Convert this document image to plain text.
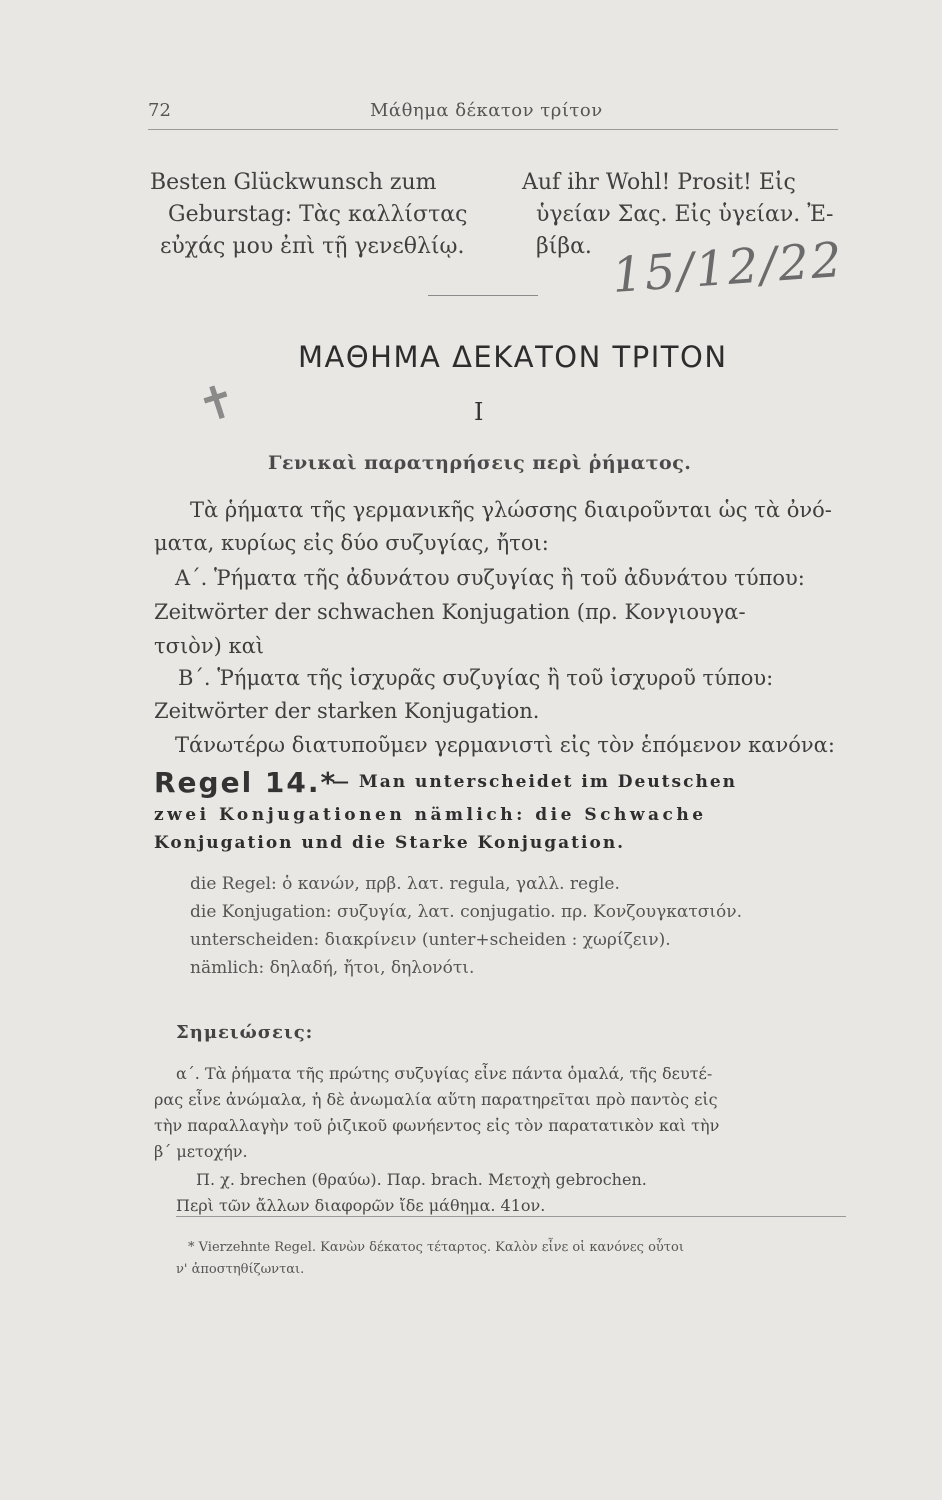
72	Μάθημα δέκατον τρίτον
Besten Glückwunsch zum
Geburstag: Τὰς καλλίστας
εὐχάς μου ἐπὶ τῇ γενεθλίῳ.
Auf ihr Wohl! Prosit! Εἰς
ὑγείαν Σας. Εἰς ὑγείαν. Ἐ-
βίβα. 15/12/22
✝
ΜΑΘΗΜΑ ΔΕΚΑΤΟΝ ΤΡΙΤΟΝ
I
Γενικαὶ παρατηρήσεις περὶ ῥήματος.
Τὰ ῥήματα τῆς γερμανικῆς γλώσσης διαιροῦνται ὡς τὰ ὀνό-
ματα, κυρίως εἰς δύο συζυγίας, ἤτοι:
Α΄. Ῥήματα τῆς ἀδυνάτου συζυγίας ἢ τοῦ ἀδυνάτου τύπου:
Zeitwörter der schwachen Konjugation (πρ. Κονγιουγα-
τσιὸν) καὶ
Β΄. Ῥήματα τῆς ἰσχυρᾶς συζυγίας ἢ τοῦ ἰσχυροῦ τύπου:
Zeitwörter der starken Konjugation.
Τάνωτέρω διατυποῦμεν γερμανιστὶ εἰς τὸν ἑπόμενον κανόνα:
Regel 14.*
— Man unterscheidet im Deutschen
zwei Konjugationen nämlich: die Schwache
Konjugation und die Starke Konjugation.
die Regel: ὁ κανών, πρβ. λατ. regula, γαλλ. regle.
die Konjugation: συζυγία, λατ. conjugatio. πρ. Κονζουγκατσιόν.
unterscheiden: διακρίνειν (unter+scheiden : χωρίζειν).
nämlich: δηλαδή, ἤτοι, δηλονότι.
Σημειώσεις:
α΄. Τὰ ῥήματα τῆς πρώτης συζυγίας εἶνε πάντα ὁμαλά, τῆς δευτέ-
ρας εἶνε ἀνώμαλα, ἡ δὲ ἀνωμαλία αὕτη παρατηρεῖται πρὸ παντὸς εἰς
τὴν παραλλαγὴν τοῦ ῥιζικοῦ φωνήεντος εἰς τὸν παρατατικὸν καὶ τὴν
β΄ μετοχήν.
Π. χ. brechen (θραύω). Παρ. brach. Μετοχὴ gebrochen.
Περὶ τῶν ἄλλων διαφορῶν ἴδε μάθημα. 41ον.
* Vierzehnte Regel. Κανὼν δέκατος τέταρτος. Καλὸν εἶνε οἱ κανόνες οὗτοι
ν' ἀποστηθίζωνται.
